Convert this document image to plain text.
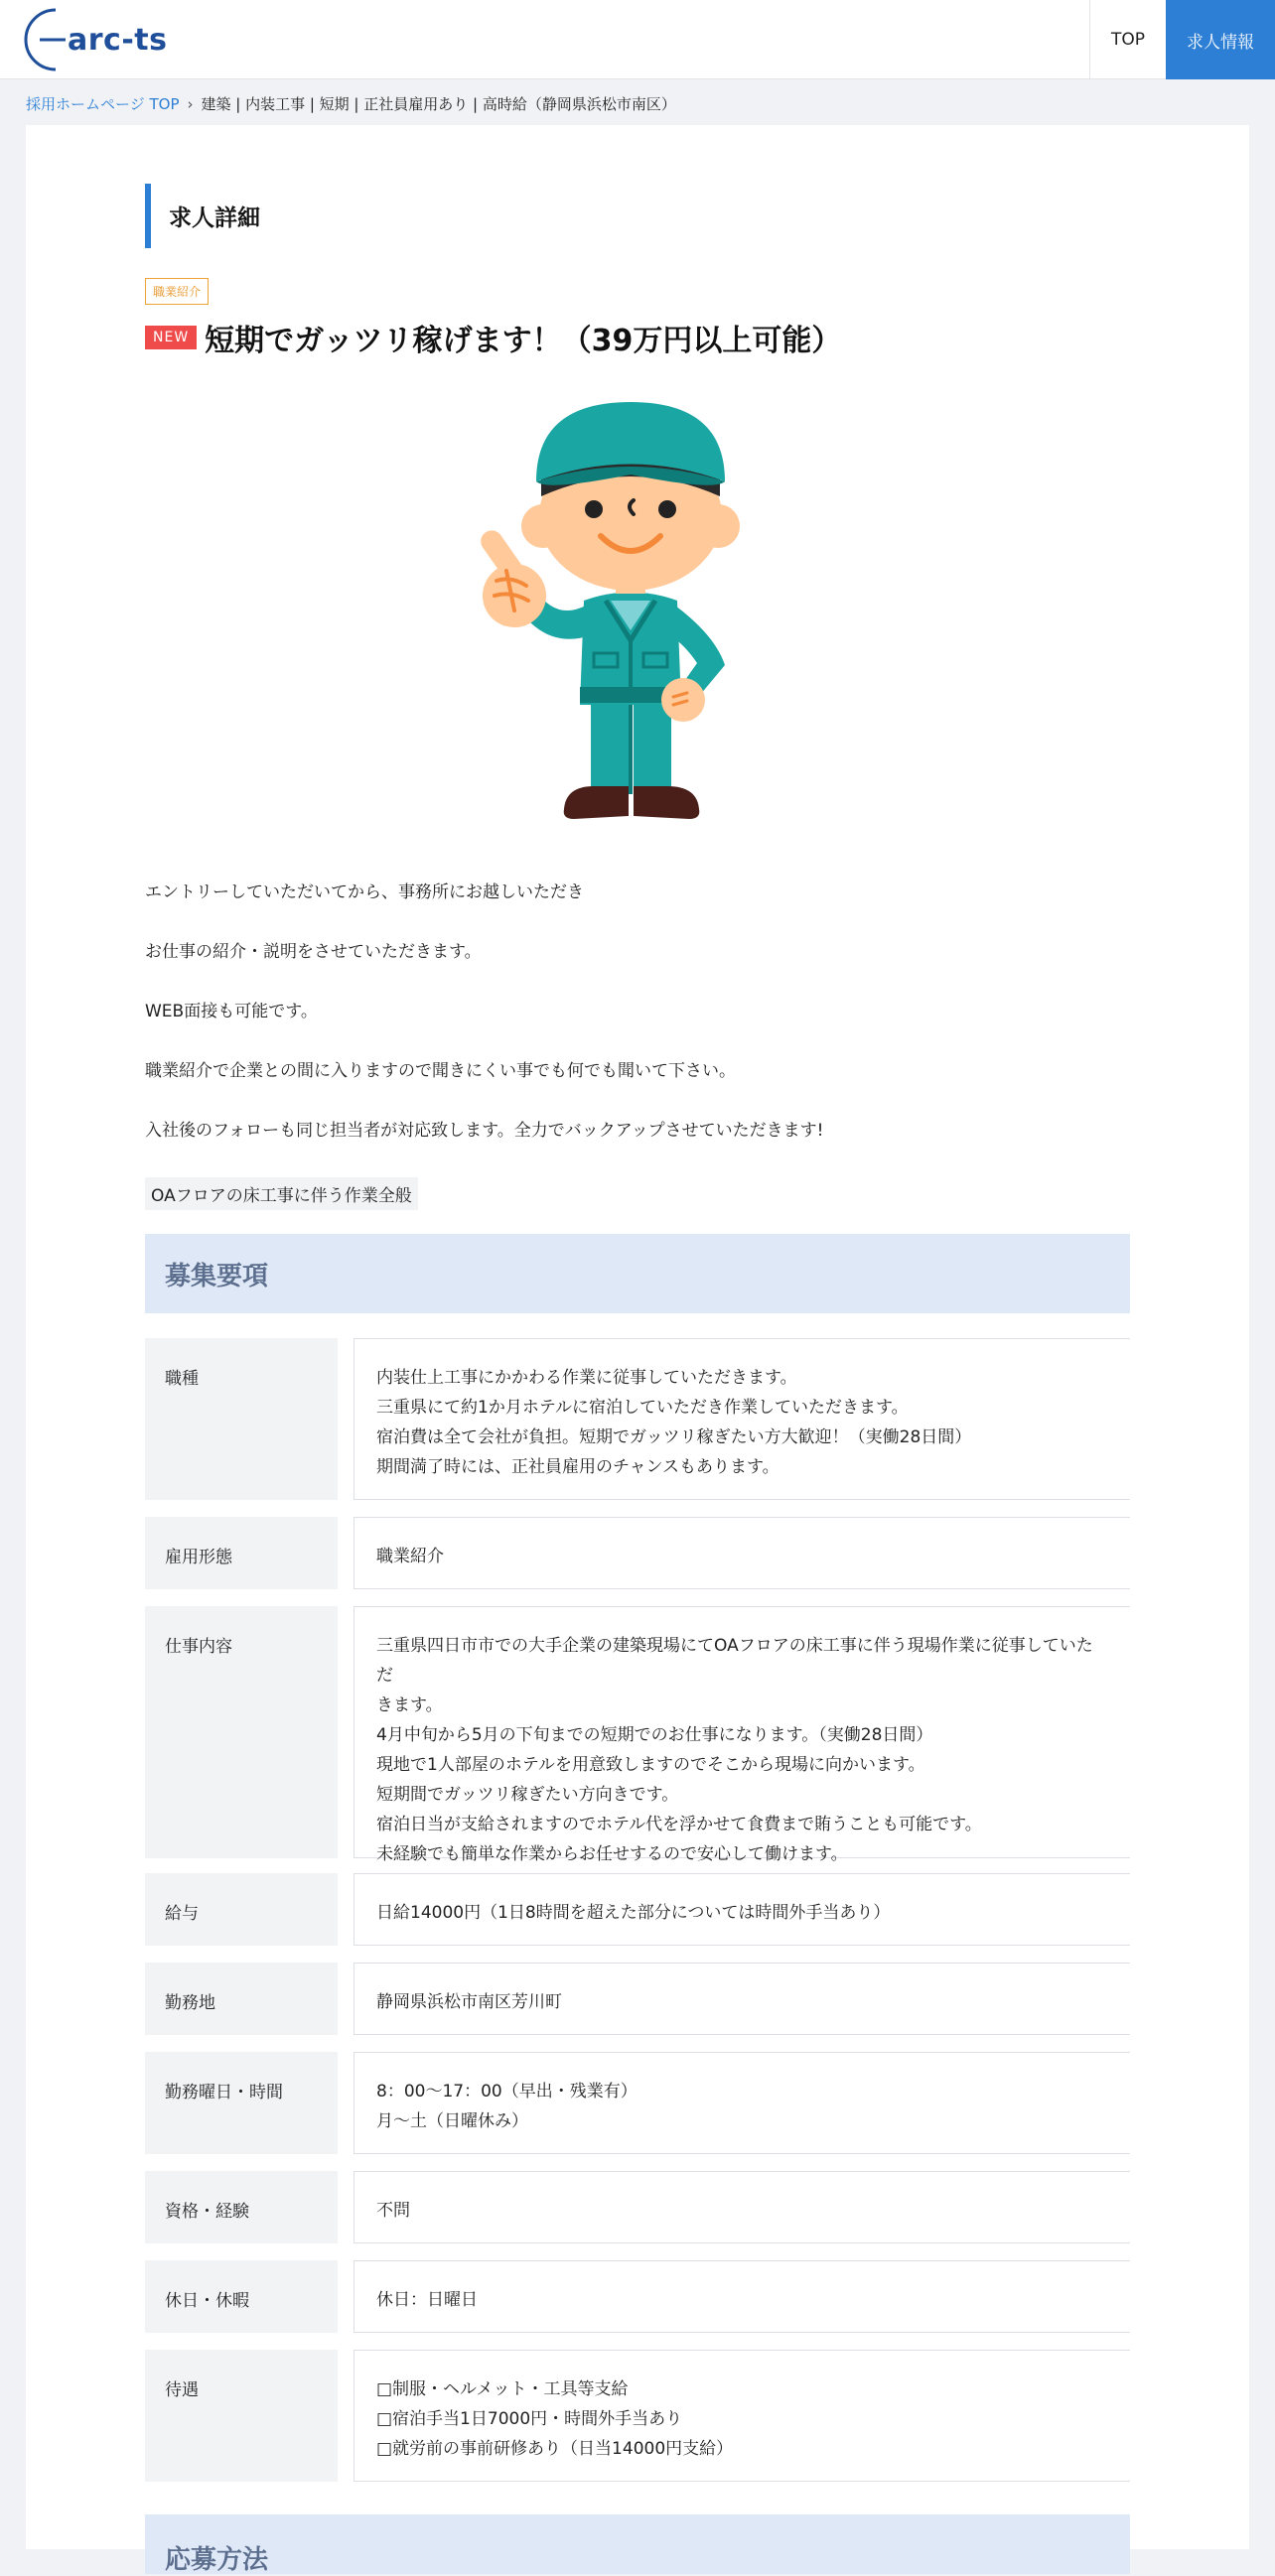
arc-ts	TOP	求人情報
採用ホームページ TOP › 建築 | 内装工事 | 短期 | 正社員雇用あり | 高時給（静岡県浜松市南区）
求人詳細
職業紹介
NEW 短期でガッツリ稼げます！（39万円以上可能）

エントリーしていただいてから、事務所にお越しいただき

お仕事の紹介・説明をさせていただきます。

WEB面接も可能です。

職業紹介で企業との間に入りますので聞きにくい事でも何でも聞いて下さい。

入社後のフォローも同じ担当者が対応致します。全力でバックアップさせていただきます!

OAフロアの床工事に伴う作業全般
募集要項
職種	内装仕上工事にかかわる作業に従事していただきます。
三重県にて約1か月ホテルに宿泊していただき作業していただきます。
宿泊費は全て会社が負担。短期でガッツリ稼ぎたい方大歓迎！（実働28日間）
期間満了時には、正社員雇用のチャンスもあります。
雇用形態	職業紹介
仕事内容	三重県四日市市での大手企業の建築現場にてOAフロアの床工事に伴う現場作業に従事していただ
きます。
4月中旬から5月の下旬までの短期でのお仕事になります。（実働28日間）
現地で1人部屋のホテルを用意致しますのでそこから現場に向かいます。
短期間でガッツリ稼ぎたい方向きです。
宿泊日当が支給されますのでホテル代を浮かせて食費まで賄うことも可能です。
未経験でも簡単な作業からお任せするので安心して働けます。
給与	日給14000円（1日8時間を超えた部分については時間外手当あり）
勤務地	静岡県浜松市南区芳川町
勤務曜日・時間	8：00～17：00（早出・残業有）
月～土（日曜休み）
資格・経験	不問
休日・休暇	休日：日曜日
待遇	□制服・ヘルメット・工具等支給
□宿泊手当1日7000円・時間外手当あり
□就労前の事前研修あり（日当14000円支給）
応募方法
